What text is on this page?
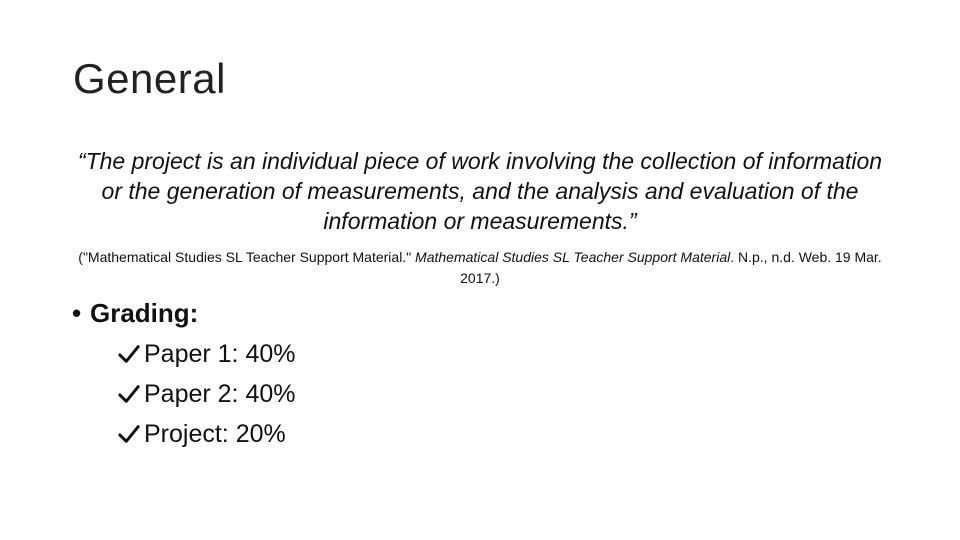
General

“The project is an individual piece of work involving the collection of information or the generation of measurements, and the analysis and evaluation of the information or measurements.”

("Mathematical Studies SL Teacher Support Material." Mathematical Studies SL Teacher Support Material. N.p., n.d. Web. 19 Mar. 2017.)

• Grading:
Paper 1: 40%
Paper 2: 40%
Project: 20%
